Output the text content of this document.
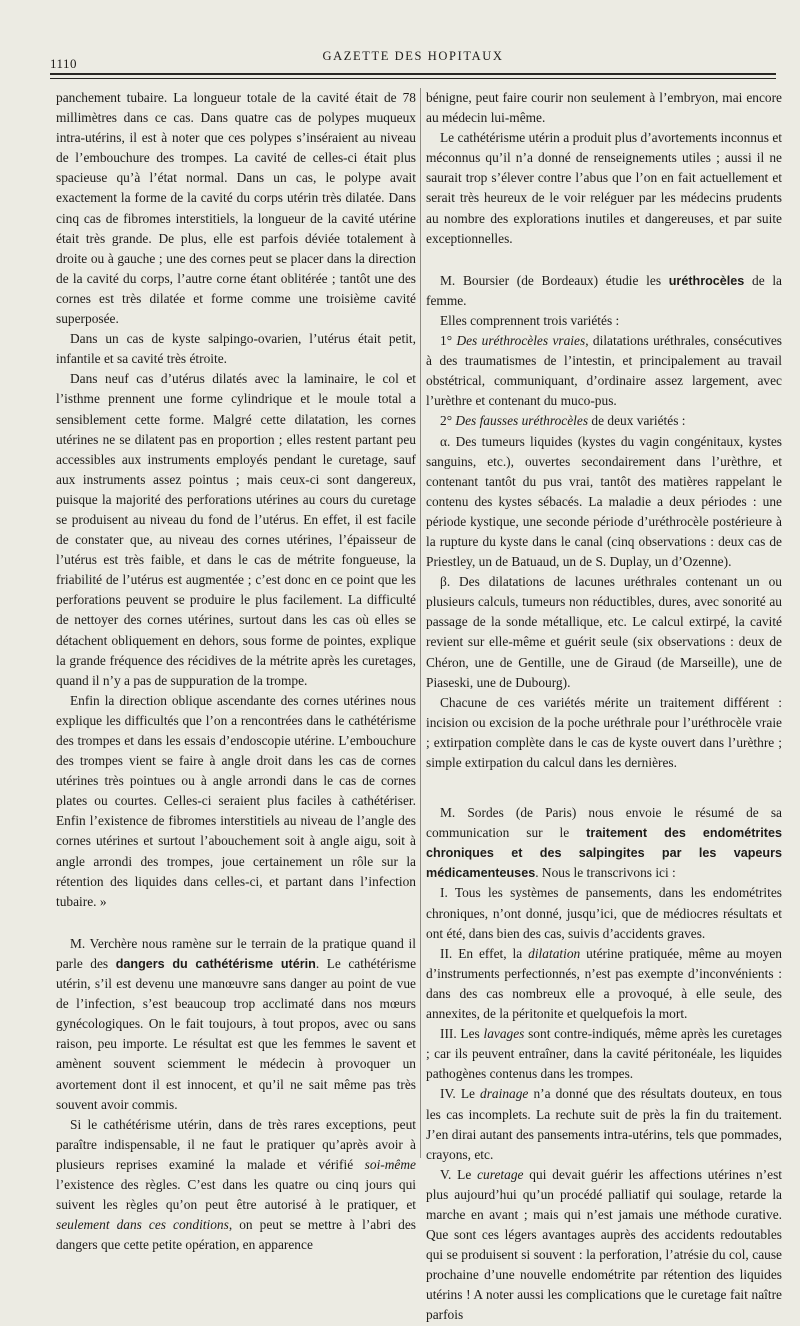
1110	GAZETTE DES HOPITAUX

panchement tubaire. La longueur totale de la cavité était de 78 millimètres dans ce cas. Dans quatre cas de polypes muqueux intra-utérins, il est à noter que ces polypes s’inséraient au niveau de l’embouchure des trompes. La cavité de celles-ci était plus spacieuse qu’à l’état normal. Dans un cas, le polype avait exactement la forme de la cavité du corps utérin très dilatée. Dans cinq cas de fibromes interstitiels, la longueur de la cavité utérine était très grande. De plus, elle est parfois déviée totalement à droite ou à gauche ; une des cornes peut se placer dans la direction de la cavité du corps, l’autre corne étant oblitérée ; tantôt une des cornes est très dilatée et forme comme une troisième cavité superposée.

Dans un cas de kyste salpingo-ovarien, l’utérus était petit, infantile et sa cavité très étroite.

Dans neuf cas d’utérus dilatés avec la laminaire, le col et l’isthme prennent une forme cylindrique et le moule total a sensiblement cette forme. Malgré cette dilatation, les cornes utérines ne se dilatent pas en proportion ; elles restent partant peu accessibles aux instruments employés pendant le curetage, sauf aux instruments assez pointus ; mais ceux-ci sont dangereux, puisque la majorité des perforations utérines au cours du curetage se produisent au niveau du fond de l’utérus. En effet, il est facile de constater que, au niveau des cornes utérines, l’épaisseur de l’utérus est très faible, et dans le cas de métrite fongueuse, la friabilité de l’utérus est augmentée ; c’est donc en ce point que les perforations peuvent se produire le plus facilement. La difficulté de nettoyer des cornes utérines, surtout dans les cas où elles se détachent obliquement en dehors, sous forme de pointes, explique la grande fréquence des récidives de la métrite après les curetages, quand il n’y a pas de suppuration de la trompe.

Enfin la direction oblique ascendante des cornes utérines nous explique les difficultés que l’on a rencontrées dans le cathétérisme des trompes et dans les essais d’endoscopie utérine. L’embouchure des trompes vient se faire à angle droit dans les cas de cornes utérines très pointues ou à angle arrondi dans le cas de cornes plates ou courtes. Celles-ci seraient plus faciles à cathétériser. Enfin l’existence de fibromes interstitiels au niveau de l’angle des cornes utérines et surtout l’abouchement soit à angle aigu, soit à angle arrondi des trompes, joue certainement un rôle sur la rétention des liquides dans celles-ci, et partant dans l’infection tubaire. »

M. Verchère nous ramène sur le terrain de la pratique quand il parle des dangers du cathétérisme utérin. Le cathétérisme utérin, s’il est devenu une manœuvre sans danger au point de vue de l’infection, s’est beaucoup trop acclimaté dans nos mœurs gynécologiques. On le fait toujours, à tout propos, avec ou sans raison, peu importe. Le résultat est que les femmes le savent et amènent souvent sciemment le médecin à provoquer un avortement dont il est innocent, et qu’il ne sait même pas très souvent avoir commis.

Si le cathétérisme utérin, dans de très rares exceptions, peut paraître indispensable, il ne faut le pratiquer qu’après avoir à plusieurs reprises examiné la malade et vérifié soi-même l’existence des règles. C’est dans les quatre ou cinq jours qui suivent les règles qu’on peut être autorisé à le pratiquer, et seulement dans ces conditions, on peut se mettre à l’abri des dangers que cette petite opération, en apparence

bénigne, peut faire courir non seulement à l’embryon, mai encore au médecin lui-même.

Le cathétérisme utérin a produit plus d’avortements inconnus et méconnus qu’il n’a donné de renseignements utiles ; aussi il ne saurait trop s’élever contre l’abus que l’on en fait actuellement et serait très heureux de le voir reléguer par les médecins prudents au nombre des explorations inutiles et dangereuses, et par suite exceptionnelles.

M. Boursier (de Bordeaux) étudie les uréthrocèles de la femme.

Elles comprennent trois variétés :

1° Des uréthrocèles vraies, dilatations uréthrales, consécutives à des traumatismes de l’intestin, et principalement au travail obstétrical, communiquant, d’ordinaire assez largement, avec l’urèthre et contenant du muco-pus.

2° Des fausses uréthrocèles de deux variétés :

α. Des tumeurs liquides (kystes du vagin congénitaux, kystes sanguins, etc.), ouvertes secondairement dans l’urèthre, et contenant tantôt du pus vrai, tantôt des matières rappelant le contenu des kystes sébacés. La maladie a deux périodes : une période kystique, une seconde période d’uréthrocèle postérieure à la rupture du kyste dans le canal (cinq observations : deux cas de Priestley, un de Batuaud, un de S. Duplay, un d’Ozenne).

β. Des dilatations de lacunes uréthrales contenant un ou plusieurs calculs, tumeurs non réductibles, dures, avec sonorité au passage de la sonde métallique, etc. Le calcul extirpé, la cavité revient sur elle-même et guérit seule (six observations : deux de Chéron, une de Gentille, une de Giraud (de Marseille), une de Piaseski, une de Dubourg).

Chacune de ces variétés mérite un traitement différent : incision ou excision de la poche uréthrale pour l’uréthrocèle vraie ; extirpation complète dans le cas de kyste ouvert dans l’urèthre ; simple extirpation du calcul dans les dernières.

M. Sordes (de Paris) nous envoie le résumé de sa communication sur le traitement des endométrites chroniques et des salpingites par les vapeurs médicamenteuses. Nous le transcrivons ici :

I. Tous les systèmes de pansements, dans les endométrites chroniques, n’ont donné, jusqu’ici, que de médiocres résultats et ont été, dans bien des cas, suivis d’accidents graves.

II. En effet, la dilatation utérine pratiquée, même au moyen d’instruments perfectionnés, n’est pas exempte d’inconvénients : dans des cas nombreux elle a provoqué, à elle seule, des annexites, de la péritonite et quelquefois la mort.

III. Les lavages sont contre-indiqués, même après les curetages ; car ils peuvent entraîner, dans la cavité péritonéale, les liquides pathogènes contenus dans les trompes.

IV. Le drainage n’a donné que des résultats douteux, en tous les cas incomplets. La rechute suit de près la fin du traitement. J’en dirai autant des pansements intra-utérins, tels que pommades, crayons, etc.

V. Le curetage qui devait guérir les affections utérines n’est plus aujourd’hui qu’un procédé palliatif qui soulage, retarde la marche en avant ; mais qui n’est jamais une méthode curative. Que sont ces légers avantages auprès des accidents redoutables qui se produisent si souvent : la perforation, l’atrésie du col, cause prochaine d’une nouvelle endométrite par rétention des liquides utérins ! A noter aussi les complications que le curetage fait naître parfois
